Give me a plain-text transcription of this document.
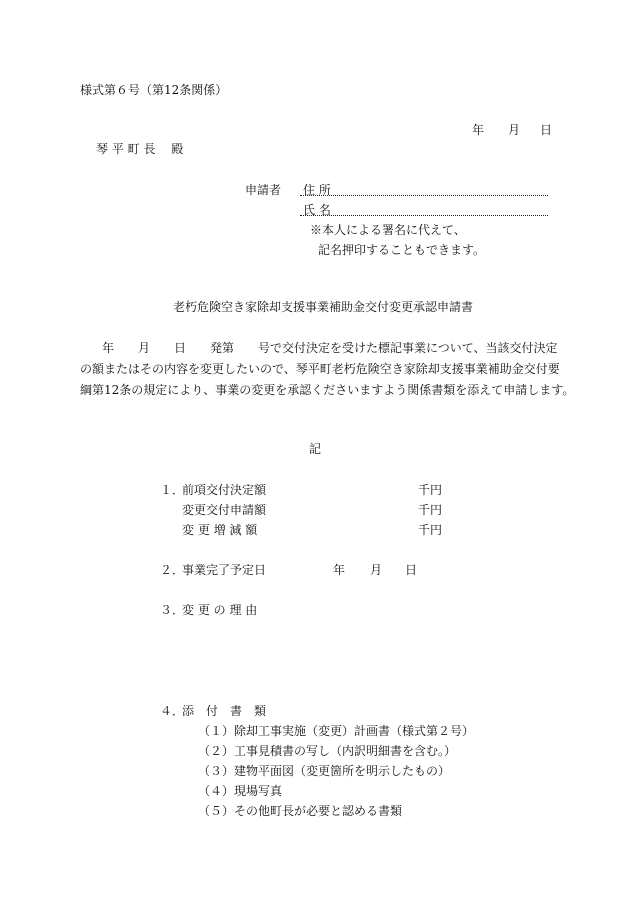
様式第６号（第12条関係）
年 月 日
琴 平 町 長　 殿
申請者 住 所
氏 名
※本人による署名に代えて、
記名押印することもできます。
老朽危険空き家除却支援事業補助金交付変更承認申請書
年 月 日 発第 号で交付決定を受けた標記事業について、当該交付決定
の額またはその内容を変更したいので、琴平町老朽危険空き家除却支援事業補助金交付要
綱第12条の規定により、事業の変更を承認くださいますよう関係書類を添えて申請します。
記
１．
前項交付決定額	千円
変更交付申請額	千円
変 更 増 減 額	千円
２．
事業完了予定日	年 月 日
３．
変 更 の 理 由
４．
添　付　書　類
（１）除却工事実施（変更）計画書（様式第２号）
（２）工事見積書の写し（内訳明細書を含む。）
（３）建物平面図（変更箇所を明示したもの）
（４）現場写真
（５）その他町長が必要と認める書類
